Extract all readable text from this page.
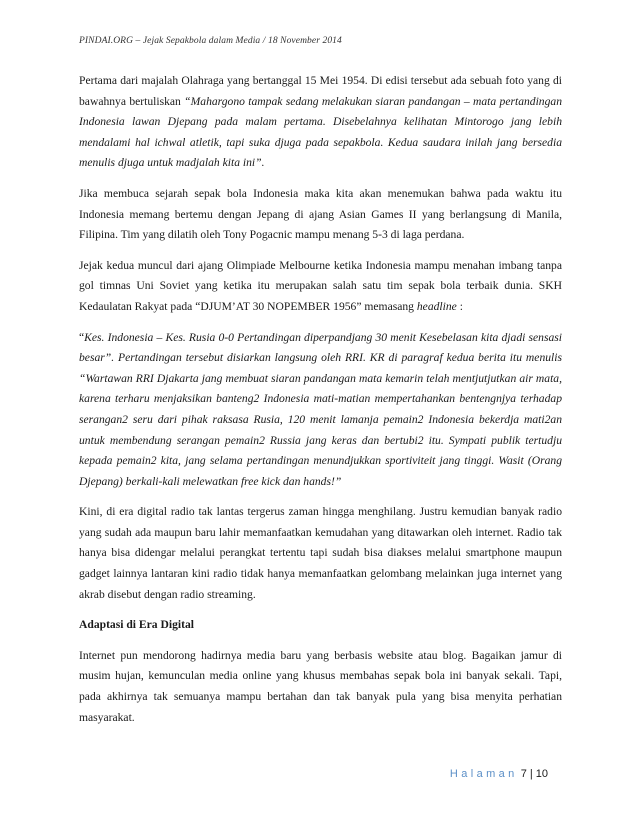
PINDAI.ORG – Jejak Sepakbola dalam Media / 18 November 2014

Pertama dari majalah Olahraga yang bertanggal 15 Mei 1954. Di edisi tersebut ada sebuah foto yang di bawahnya bertuliskan “Mahargono tampak sedang melakukan siaran pandangan – mata pertandingan Indonesia lawan Djepang pada malam pertama. Disebelahnya kelihatan Mintorogo jang lebih mendalami hal ichwal atletik, tapi suka djuga pada sepakbola. Kedua saudara inilah jang bersedia menulis djuga untuk madjalah kita ini”.

Jika membuca sejarah sepak bola Indonesia maka kita akan menemukan bahwa pada waktu itu Indonesia memang bertemu dengan Jepang di ajang Asian Games II yang berlangsung di Manila, Filipina. Tim yang dilatih oleh Tony Pogacnic mampu menang 5-3 di laga perdana.

Jejak kedua muncul dari ajang Olimpiade Melbourne ketika Indonesia mampu menahan imbang tanpa gol timnas Uni Soviet yang ketika itu merupakan salah satu tim sepak bola terbaik dunia. SKH Kedaulatan Rakyat pada “DJUM’AT 30 NOPEMBER 1956” memasang headline :

“Kes. Indonesia – Kes. Rusia 0-0 Pertandingan diperpandjang 30 menit Kesebelasan kita djadi sensasi besar”. Pertandingan tersebut disiarkan langsung oleh RRI. KR di paragraf kedua berita itu menulis “Wartawan RRI Djakarta jang membuat siaran pandangan mata kemarin telah mentjutjutkan air mata, karena terharu menjaksikan banteng2 Indonesia mati-matian mempertahankan bentengnjya terhadap serangan2 seru dari pihak raksasa Rusia, 120 menit lamanja pemain2 Indonesia bekerdja mati2an untuk membendung serangan pemain2 Russia jang keras dan bertubi2 itu. Sympati publik tertudju kepada pemain2 kita, jang selama pertandingan menundjukkan sportiviteit jang tinggi. Wasit (Orang Djepang) berkali-kali melewatkan free kick dan hands!”

Kini, di era digital radio tak lantas tergerus zaman hingga menghilang. Justru kemudian banyak radio yang sudah ada maupun baru lahir memanfaatkan kemudahan yang ditawarkan oleh internet. Radio tak hanya bisa didengar melalui perangkat tertentu tapi sudah bisa diakses melalui smartphone maupun gadget lainnya lantaran kini radio tidak hanya memanfaatkan gelombang melainkan juga internet yang akrab disebut dengan radio streaming.

Adaptasi di Era Digital

Internet pun mendorong hadirnya media baru yang berbasis website atau blog. Bagaikan jamur di musim hujan, kemunculan media online yang khusus membahas sepak bola ini banyak sekali. Tapi, pada akhirnya tak semuanya mampu bertahan dan tak banyak pula yang bisa menyita perhatian masyarakat.

Halaman 7 | 10
